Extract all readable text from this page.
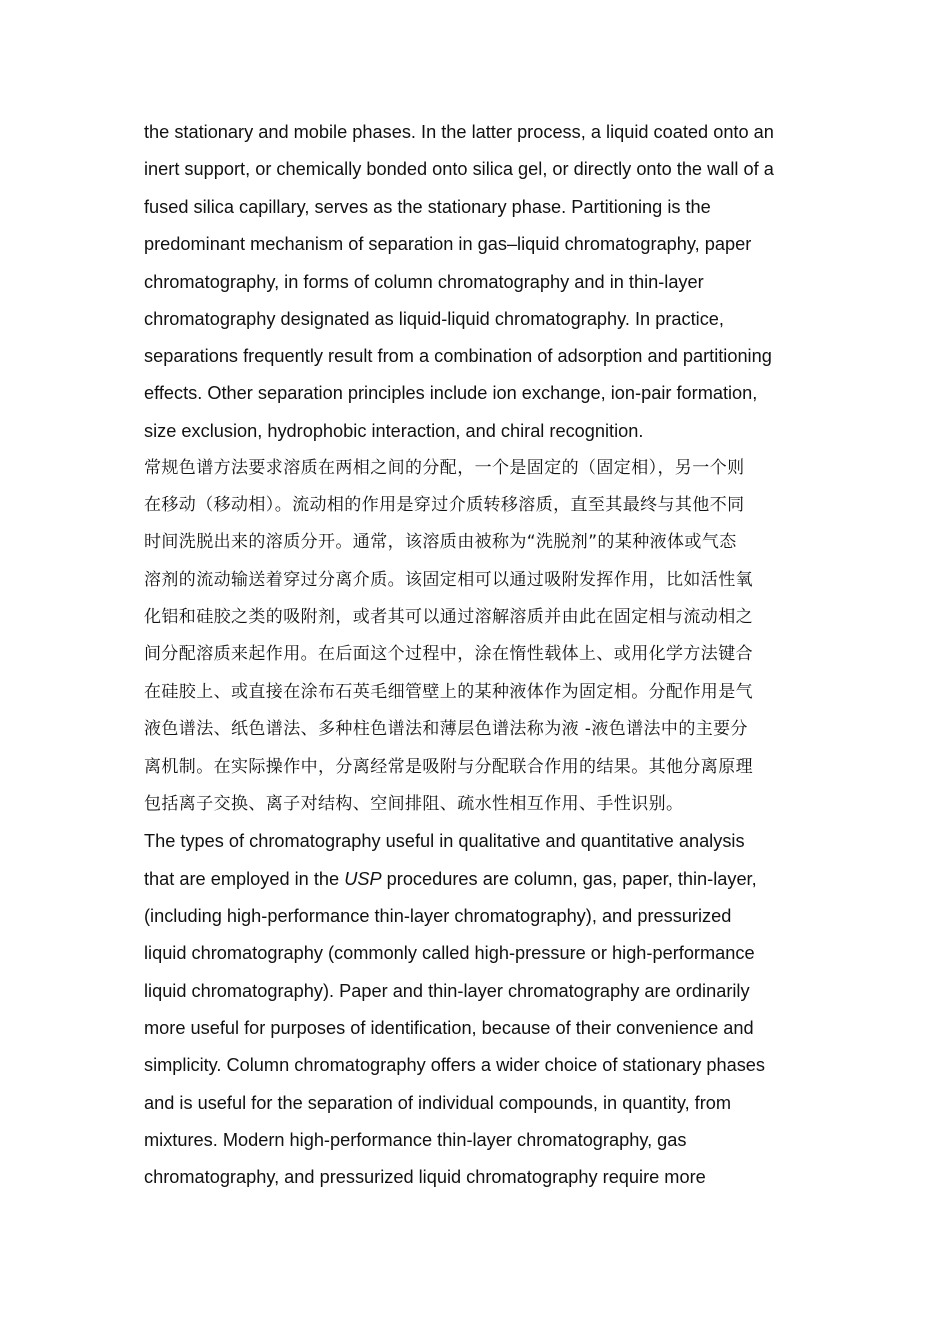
the stationary and mobile phases. In the latter process, a liquid coated onto an
inert support, or chemically bonded onto silica gel, or directly onto the wall of a
fused silica capillary, serves as the stationary phase. Partitioning is the
predominant mechanism of separation in gas–liquid chromatography, paper
chromatography, in forms of column chromatography and in thin-layer
chromatography designated as liquid-liquid chromatography. In practice,
separations frequently result from a combination of adsorption and partitioning
effects. Other separation principles include ion exchange, ion-pair formation,
size exclusion, hydrophobic interaction, and chiral recognition.
常规色谱方法要求溶质在两相之间的分配，一个是固定的（固定相），另一个则
在移动（移动相）。流动相的作用是穿过介质转移溶质，直至其最终与其他不同
时间洗脱出来的溶质分开。通常，该溶质由被称为“洗脱剂”的某种液体或气态
溶剂的流动输送着穿过分离介质。该固定相可以通过吸附发挥作用，比如活性氧
化铝和硅胶之类的吸附剂，或者其可以通过溶解溶质并由此在固定相与流动相之
间分配溶质来起作用。在后面这个过程中，涂在惰性载体上、或用化学方法键合
在硅胶上、或直接在涂布石英毛细管壁上的某种液体作为固定相。分配作用是气
液色谱法、纸色谱法、多种柱色谱法和薄层色谱法称为液 -液色谱法中的主要分
离机制。在实际操作中，分离经常是吸附与分配联合作用的结果。其他分离原理
包括离子交换、离子对结构、空间排阻、疏水性相互作用、手性识别。
The types of chromatography useful in qualitative and quantitative analysis
that are employed in the USP procedures are column, gas, paper, thin-layer,
(including high-performance thin-layer chromatography), and pressurized
liquid chromatography (commonly called high-pressure or high-performance
liquid chromatography). Paper and thin-layer chromatography are ordinarily
more useful for purposes of identification, because of their convenience and
simplicity. Column chromatography offers a wider choice of stationary phases
and is useful for the separation of individual compounds, in quantity, from
mixtures. Modern high-performance thin-layer chromatography, gas
chromatography, and pressurized liquid chromatography require more
